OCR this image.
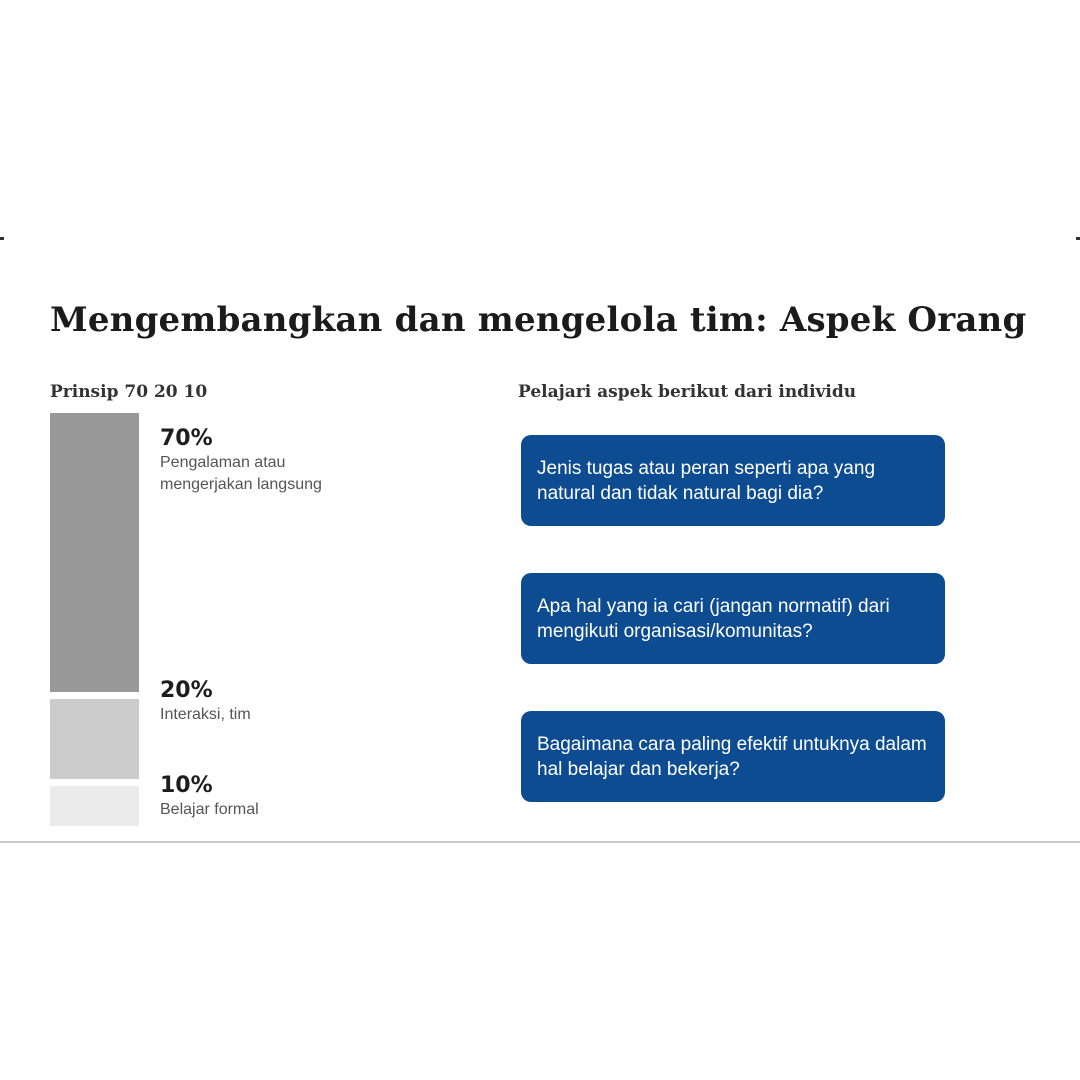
Mengembangkan dan mengelola tim: Aspek Orang
Prinsip 70 20 10	Pelajari aspek berikut dari individu
70%
Pengalaman atau mengerjakan langsung
20%
Interaksi, tim
10%
Belajar formal
Jenis tugas atau peran seperti apa yang natural dan tidak natural bagi dia?
Apa hal yang ia cari (jangan normatif) dari mengikuti organisasi/komunitas?
Bagaimana cara paling efektif untuknya dalam hal belajar dan bekerja?
